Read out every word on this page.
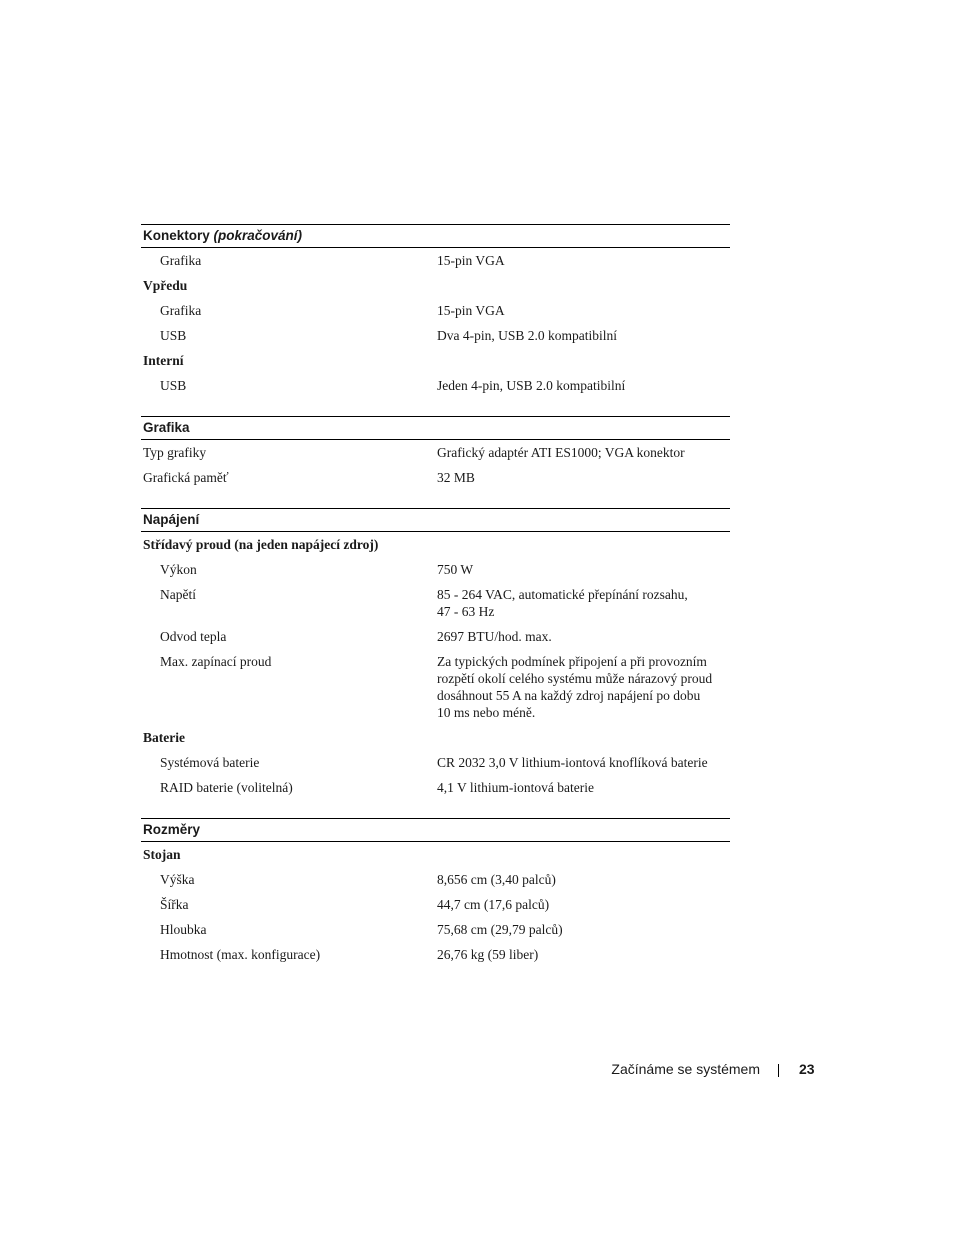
Konektory (pokračování)
Grafika	15-pin VGA
Vpředu
Grafika	15-pin VGA
USB	Dva 4-pin, USB 2.0 kompatibilní
Interní
USB	Jeden 4-pin, USB 2.0 kompatibilní
Grafika
Typ grafiky	Grafický adaptér ATI ES1000; VGA konektor
Grafická paměť	32 MB
Napájení
Střídavý proud (na jeden napájecí zdroj)
Výkon	750 W
Napětí	85 - 264 VAC, automatické přepínání rozsahu,
47 - 63 Hz
Odvod tepla	2697 BTU/hod. max.
Max. zapínací proud	Za typických podmínek připojení a při provozním
rozpětí okolí celého systému může nárazový proud
dosáhnout 55 A na každý zdroj napájení po dobu
10 ms nebo méně.
Baterie
Systémová baterie	CR 2032 3,0 V lithium-iontová knoflíková baterie
RAID baterie (volitelná)	4,1 V lithium-iontová baterie
Rozměry
Stojan
Výška	8,656 cm (3,40 palců)
Šířka	44,7 cm (17,6 palců)
Hloubka	75,68 cm (29,79 palců)
Hmotnost (max. konfigurace)	26,76 kg (59 liber)
Začínáme se systémem	23
